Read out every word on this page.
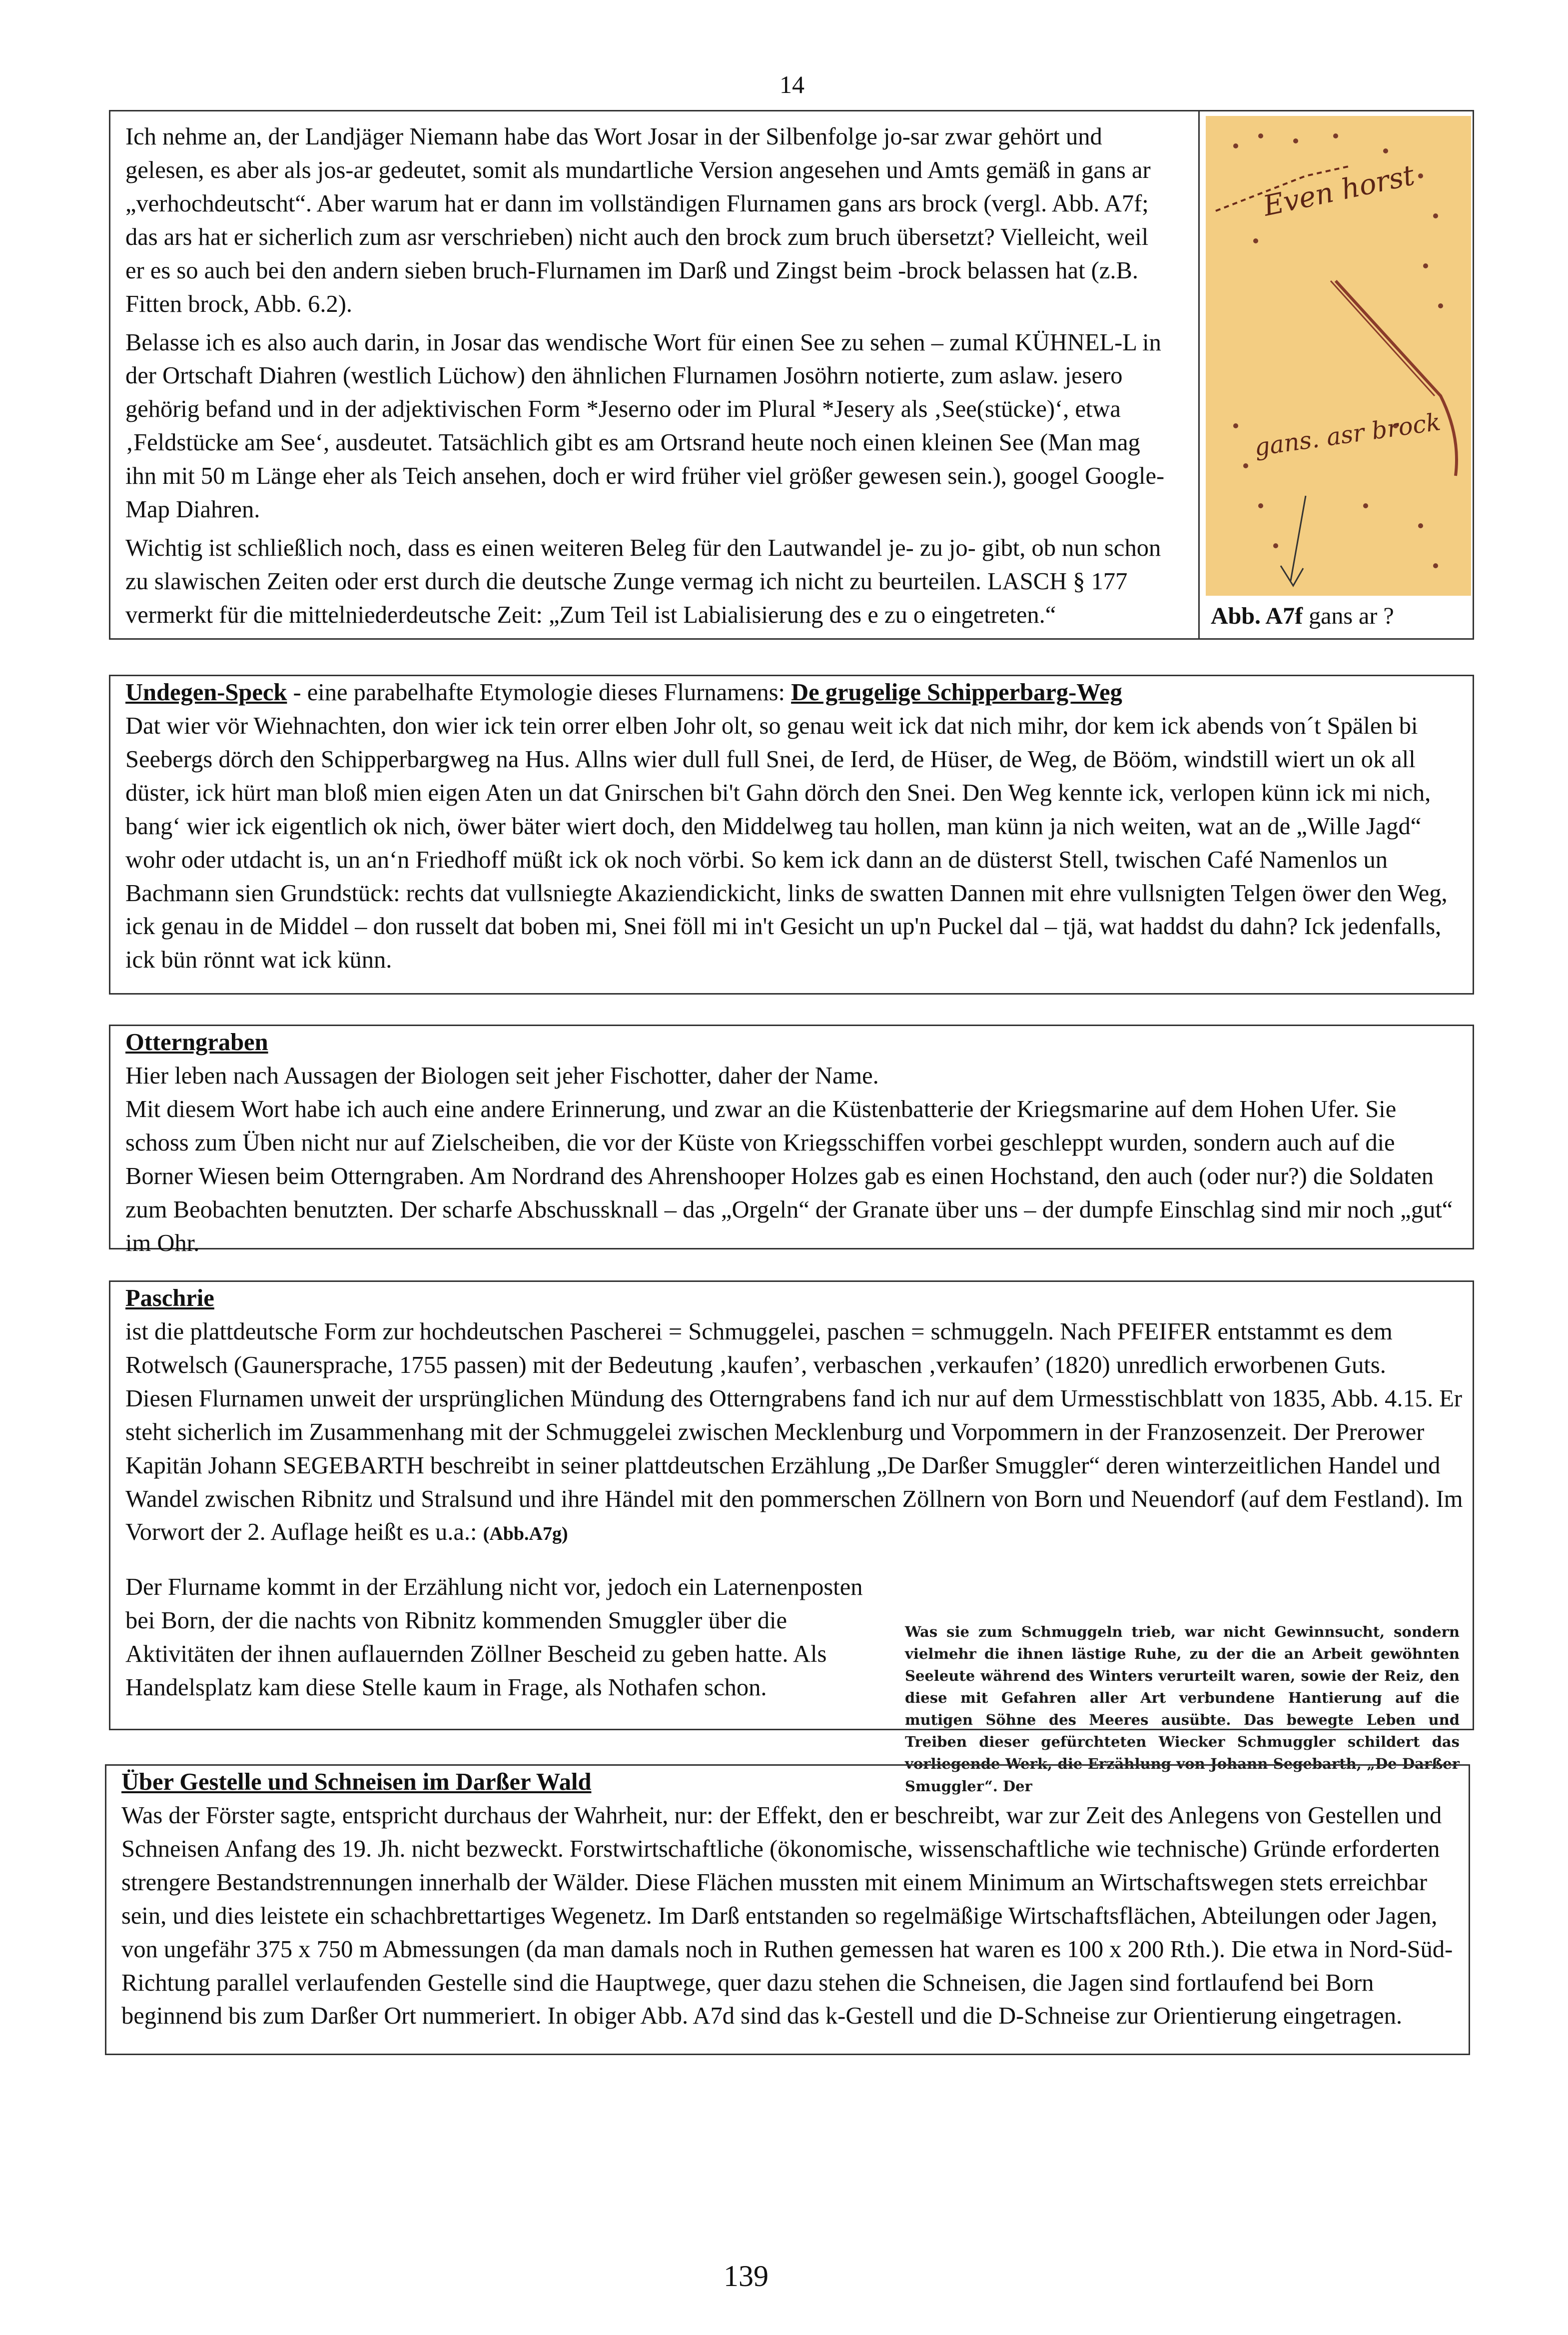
14

Ich nehme an, der Landjäger Niemann habe das Wort Josar in der Silbenfolge jo-sar zwar gehört und gelesen, es aber als jos-ar gedeutet, somit als mundartliche Version angesehen und Amts gemäß in gans ar „verhochdeutscht“. Aber warum hat er dann im vollständigen Flurnamen gans ars brock (vergl. Abb. A7f; das ars hat er sicherlich zum asr verschrieben) nicht auch den brock zum bruch übersetzt? Vielleicht, weil er es so auch bei den andern sieben bruch-Flurnamen im Darß und Zingst beim -brock belassen hat (z.B. Fitten brock, Abb. 6.2).

Belasse ich es also auch darin, in Josar das wendische Wort für einen See zu sehen – zumal KÜHNEL-L in der Ortschaft Diahren (westlich Lüchow) den ähnlichen Flurnamen Josöhrn notierte, zum aslaw. jesero gehörig befand und in der adjektivischen Form *Jeserno oder im Plural *Jesery als ‚See(stücke)‘, etwa ‚Feldstücke am See‘, ausdeutet. Tatsächlich gibt es am Ortsrand heute noch einen kleinen See (Man mag ihn mit 50 m Länge eher als Teich ansehen, doch er wird früher viel größer gewesen sein.), googel Google-Map Diahren.

Wichtig ist schließlich noch, dass es einen weiteren Beleg für den Lautwandel je- zu jo- gibt, ob nun schon zu slawischen Zeiten oder erst durch die deutsche Zunge vermag ich nicht zu beurteilen. LASCH § 177 vermerkt für die mittelniederdeutsche Zeit: „Zum Teil ist Labialisierung des e zu o eingetreten.“

Even horst
gans. asr brock
Abb. A7f gans ar ?
Undegen-Speck - eine parabelhafte Etymologie dieses Flurnamens: De grugelige Schipperbarg-Weg
Dat wier vör Wiehnachten, don wier ick tein orrer elben Johr olt, so genau weit ick dat nich mihr, dor kem ick abends von´t Spälen bi Seebergs dörch den Schipperbargweg na Hus. Allns wier dull full Snei, de Ierd, de Hüser, de Weg, de Bööm, windstill wiert un ok all düster, ick hürt man bloß mien eigen Aten un dat Gnirschen bi't Gahn dörch den Snei. Den Weg kennte ick, verlopen künn ick mi nich, bang‘ wier ick eigentlich ok nich, öwer bäter wiert doch, den Middelweg tau hollen, man künn ja nich weiten, wat an de „Wille Jagd“ wohr oder utdacht is, un an‘n Friedhoff müßt ick ok noch vörbi. So kem ick dann an de düsterst Stell, twischen Café Namenlos un Bachmann sien Grundstück: rechts dat vullsniegte Akaziendickicht, links de swatten Dannen mit ehre vullsnigten Telgen öwer den Weg, ick genau in de Middel – don russelt dat boben mi, Snei föll mi in't Gesicht un up'n Puckel dal – tjä, wat haddst du dahn? Ick jedenfalls, ick bün rönnt wat ick künn.
Otterngraben
Hier leben nach Aussagen der Biologen seit jeher Fischotter, daher der Name.
Mit diesem Wort habe ich auch eine andere Erinnerung, und zwar an die Küstenbatterie der Kriegsmarine auf dem Hohen Ufer. Sie schoss zum Üben nicht nur auf Zielscheiben, die vor der Küste von Kriegsschiffen vorbei geschleppt wurden, sondern auch auf die Borner Wiesen beim Otterngraben. Am Nordrand des Ahrenshooper Holzes gab es einen Hochstand, den auch (oder nur?) die Soldaten zum Beobachten benutzten. Der scharfe Abschussknall – das „Orgeln“ der Granate über uns – der dumpfe Einschlag sind mir noch „gut“ im Ohr.
Paschrie
ist die plattdeutsche Form zur hochdeutschen Pascherei = Schmuggelei, paschen = schmuggeln. Nach PFEIFER entstammt es dem Rotwelsch (Gaunersprache, 1755 passen) mit der Bedeutung ‚kaufen’, verbaschen ‚verkaufen’ (1820) unredlich erworbenen Guts.
Diesen Flurnamen unweit der ursprünglichen Mündung des Otterngrabens fand ich nur auf dem Urmesstischblatt von 1835, Abb. 4.15. Er steht sicherlich im Zusammenhang mit der Schmuggelei zwischen Mecklenburg und Vorpommern in der Franzosenzeit. Der Prerower Kapitän Johann SEGEBARTH beschreibt in seiner plattdeutschen Erzählung „De Darßer Smuggler“ deren winterzeitlichen Handel und Wandel zwischen Ribnitz und Stralsund und ihre Händel mit den pommerschen Zöllnern von Born und Neuendorf (auf dem Festland). Im Vorwort der 2. Auflage heißt es u.a.: (Abb.A7g)
Der Flurname kommt in der Erzählung nicht vor, jedoch ein Laternenposten bei Born, der die nachts von Ribnitz kommenden Smuggler über die Aktivitäten der ihnen auflauernden Zöllner Bescheid zu geben hatte. Als Handelsplatz kam diese Stelle kaum in Frage, als Nothafen schon.
Was sie zum Schmuggeln trieb, war nicht Gewinnsucht, sondern vielmehr die ihnen lästige Ruhe, zu der die an Arbeit gewöhnten Seeleute während des Winters verurteilt waren, sowie der Reiz, den diese mit Gefahren aller Art verbundene Hantierung auf die mutigen Söhne des Meeres ausübte. Das bewegte Leben und Treiben dieser gefürchteten Wiecker Schmuggler schildert das vorliegende Werk, die Erzählung von Johann Segebarth, „De Darßer Smuggler“. Der
Über Gestelle und Schneisen im Darßer Wald
Was der Förster sagte, entspricht durchaus der Wahrheit, nur: der Effekt, den er beschreibt, war zur Zeit des Anlegens von Gestellen und Schneisen Anfang des 19. Jh. nicht bezweckt. Forstwirtschaftliche (ökonomische, wissenschaftliche wie technische) Gründe erforderten strengere Bestandstrennungen innerhalb der Wälder. Diese Flächen mussten mit einem Minimum an Wirtschaftswegen stets erreichbar sein, und dies leistete ein schachbrettartiges Wegenetz. Im Darß entstanden so regelmäßige Wirtschaftsflächen, Abteilungen oder Jagen, von ungefähr 375 x 750 m Abmessungen (da man damals noch in Ruthen gemessen hat waren es 100 x 200 Rth.). Die etwa in Nord-Süd-Richtung parallel verlaufenden Gestelle sind die Hauptwege, quer dazu stehen die Schneisen, die Jagen sind fortlaufend bei Born beginnend bis zum Darßer Ort nummeriert. In obiger Abb. A7d sind das k-Gestell und die D-Schneise zur Orientierung eingetragen.
139
